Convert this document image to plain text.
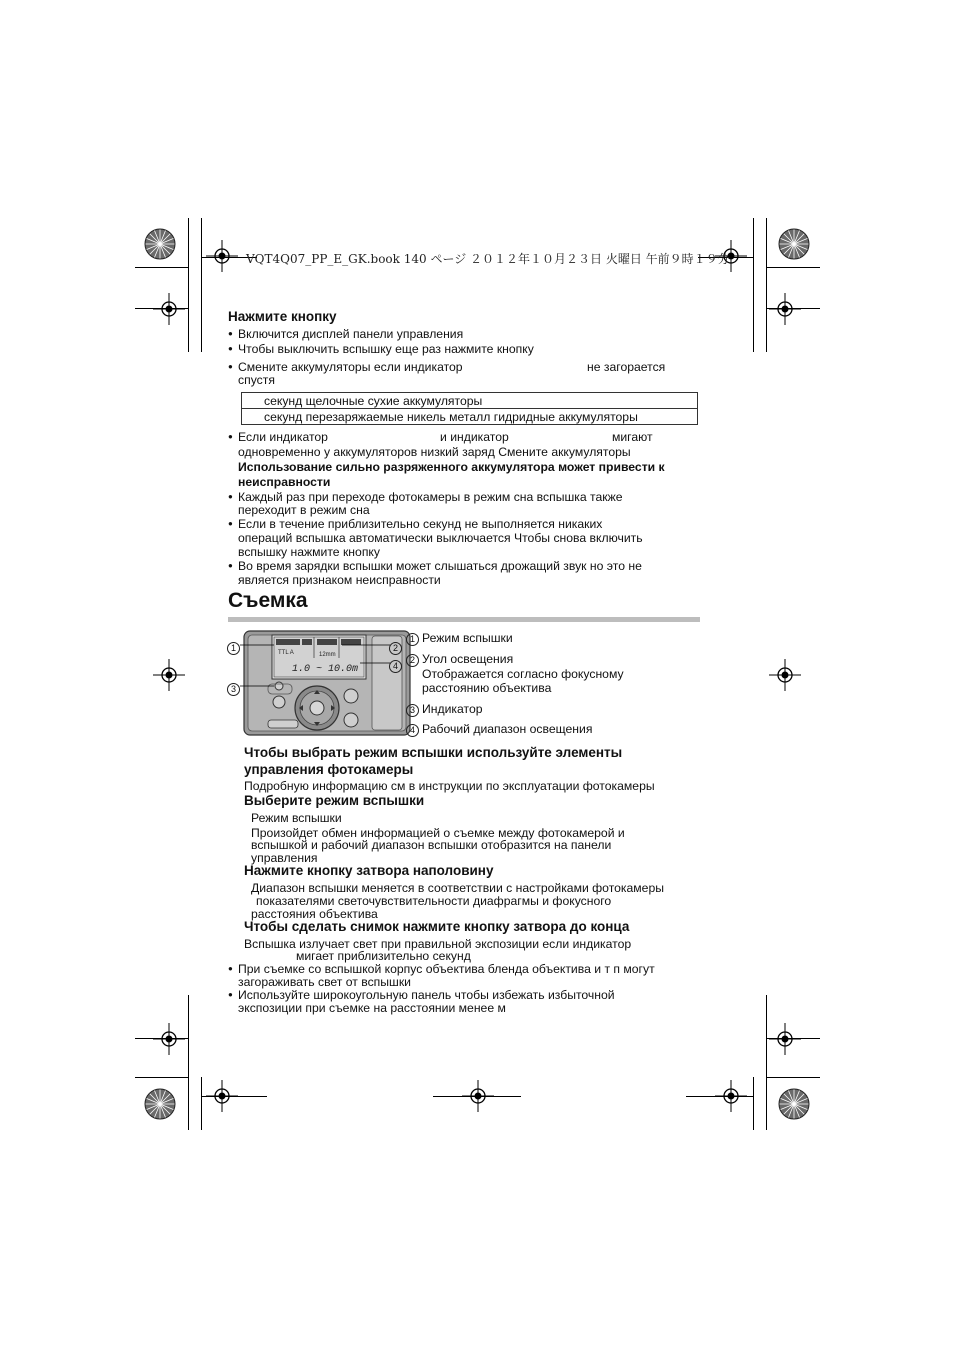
VQT4Q07_PP_E_GK.book 140 ページ ２０１２年１０月２３日 火曜日 午前９時１９分
Нажмите кнопку
● Включится дисплей панели управления
● Чтобы выключить вспышку еще раз нажмите кнопку
● Смените аккумуляторы если индикатор	не загорается
спустя
секунд щелочные сухие аккумуляторы
секунд перезаряжаемые никель металл гидридные аккумуляторы
● Если индикатор	и индикатор	мигают
одновременно у аккумуляторов низкий заряд Смените аккумуляторы
Использование сильно разряженного аккумулятора может привести к
неисправности
● Каждый раз при переходе фотокамеры в режим сна вспышка также
переходит в режим сна
● Если в течение приблизительно секунд не выполняется никаких
операций вспышка автоматически выключается Чтобы снова включить
вспышку нажмите кнопку
● Во время зарядки вспышки может слышаться дрожащий звук но это не
является признаком неисправности
Съемка
TTL A	12mm
1.0 ~ 10.0m
1
3
2
4
1 Режим вспышки
2 Угол освещения
Отображается согласно фокусному
расстоянию объектива
3 Индикатор
4 Рабочий диапазон освещения
Чтобы выбрать режим вспышки используйте элементы
управления фотокамеры
Подробную информацию см в инструкции по эксплуатации фотокамеры
Выберите режим вспышки
Режим вспышки
Произойдет обмен информацией о съемке между фотокамерой и
вспышкой и рабочий диапазон вспышки отобразится на панели
управления
Нажмите кнопку затвора наполовину
Диапазон вспышки меняется в соответствии с настройками фотокамеры
показателями светочувствительности диафрагмы и фокусного
расстояния объектива
Чтобы сделать снимок нажмите кнопку затвора до конца
Вспышка излучает свет при правильной экспозиции если индикатор
мигает приблизительно секунд
● При съемке со вспышкой корпус объектива бленда объектива и т п могут
загораживать свет от вспышки
● Используйте широкоугольную панель чтобы избежать избыточной
экспозиции при съемке на расстоянии менее м
